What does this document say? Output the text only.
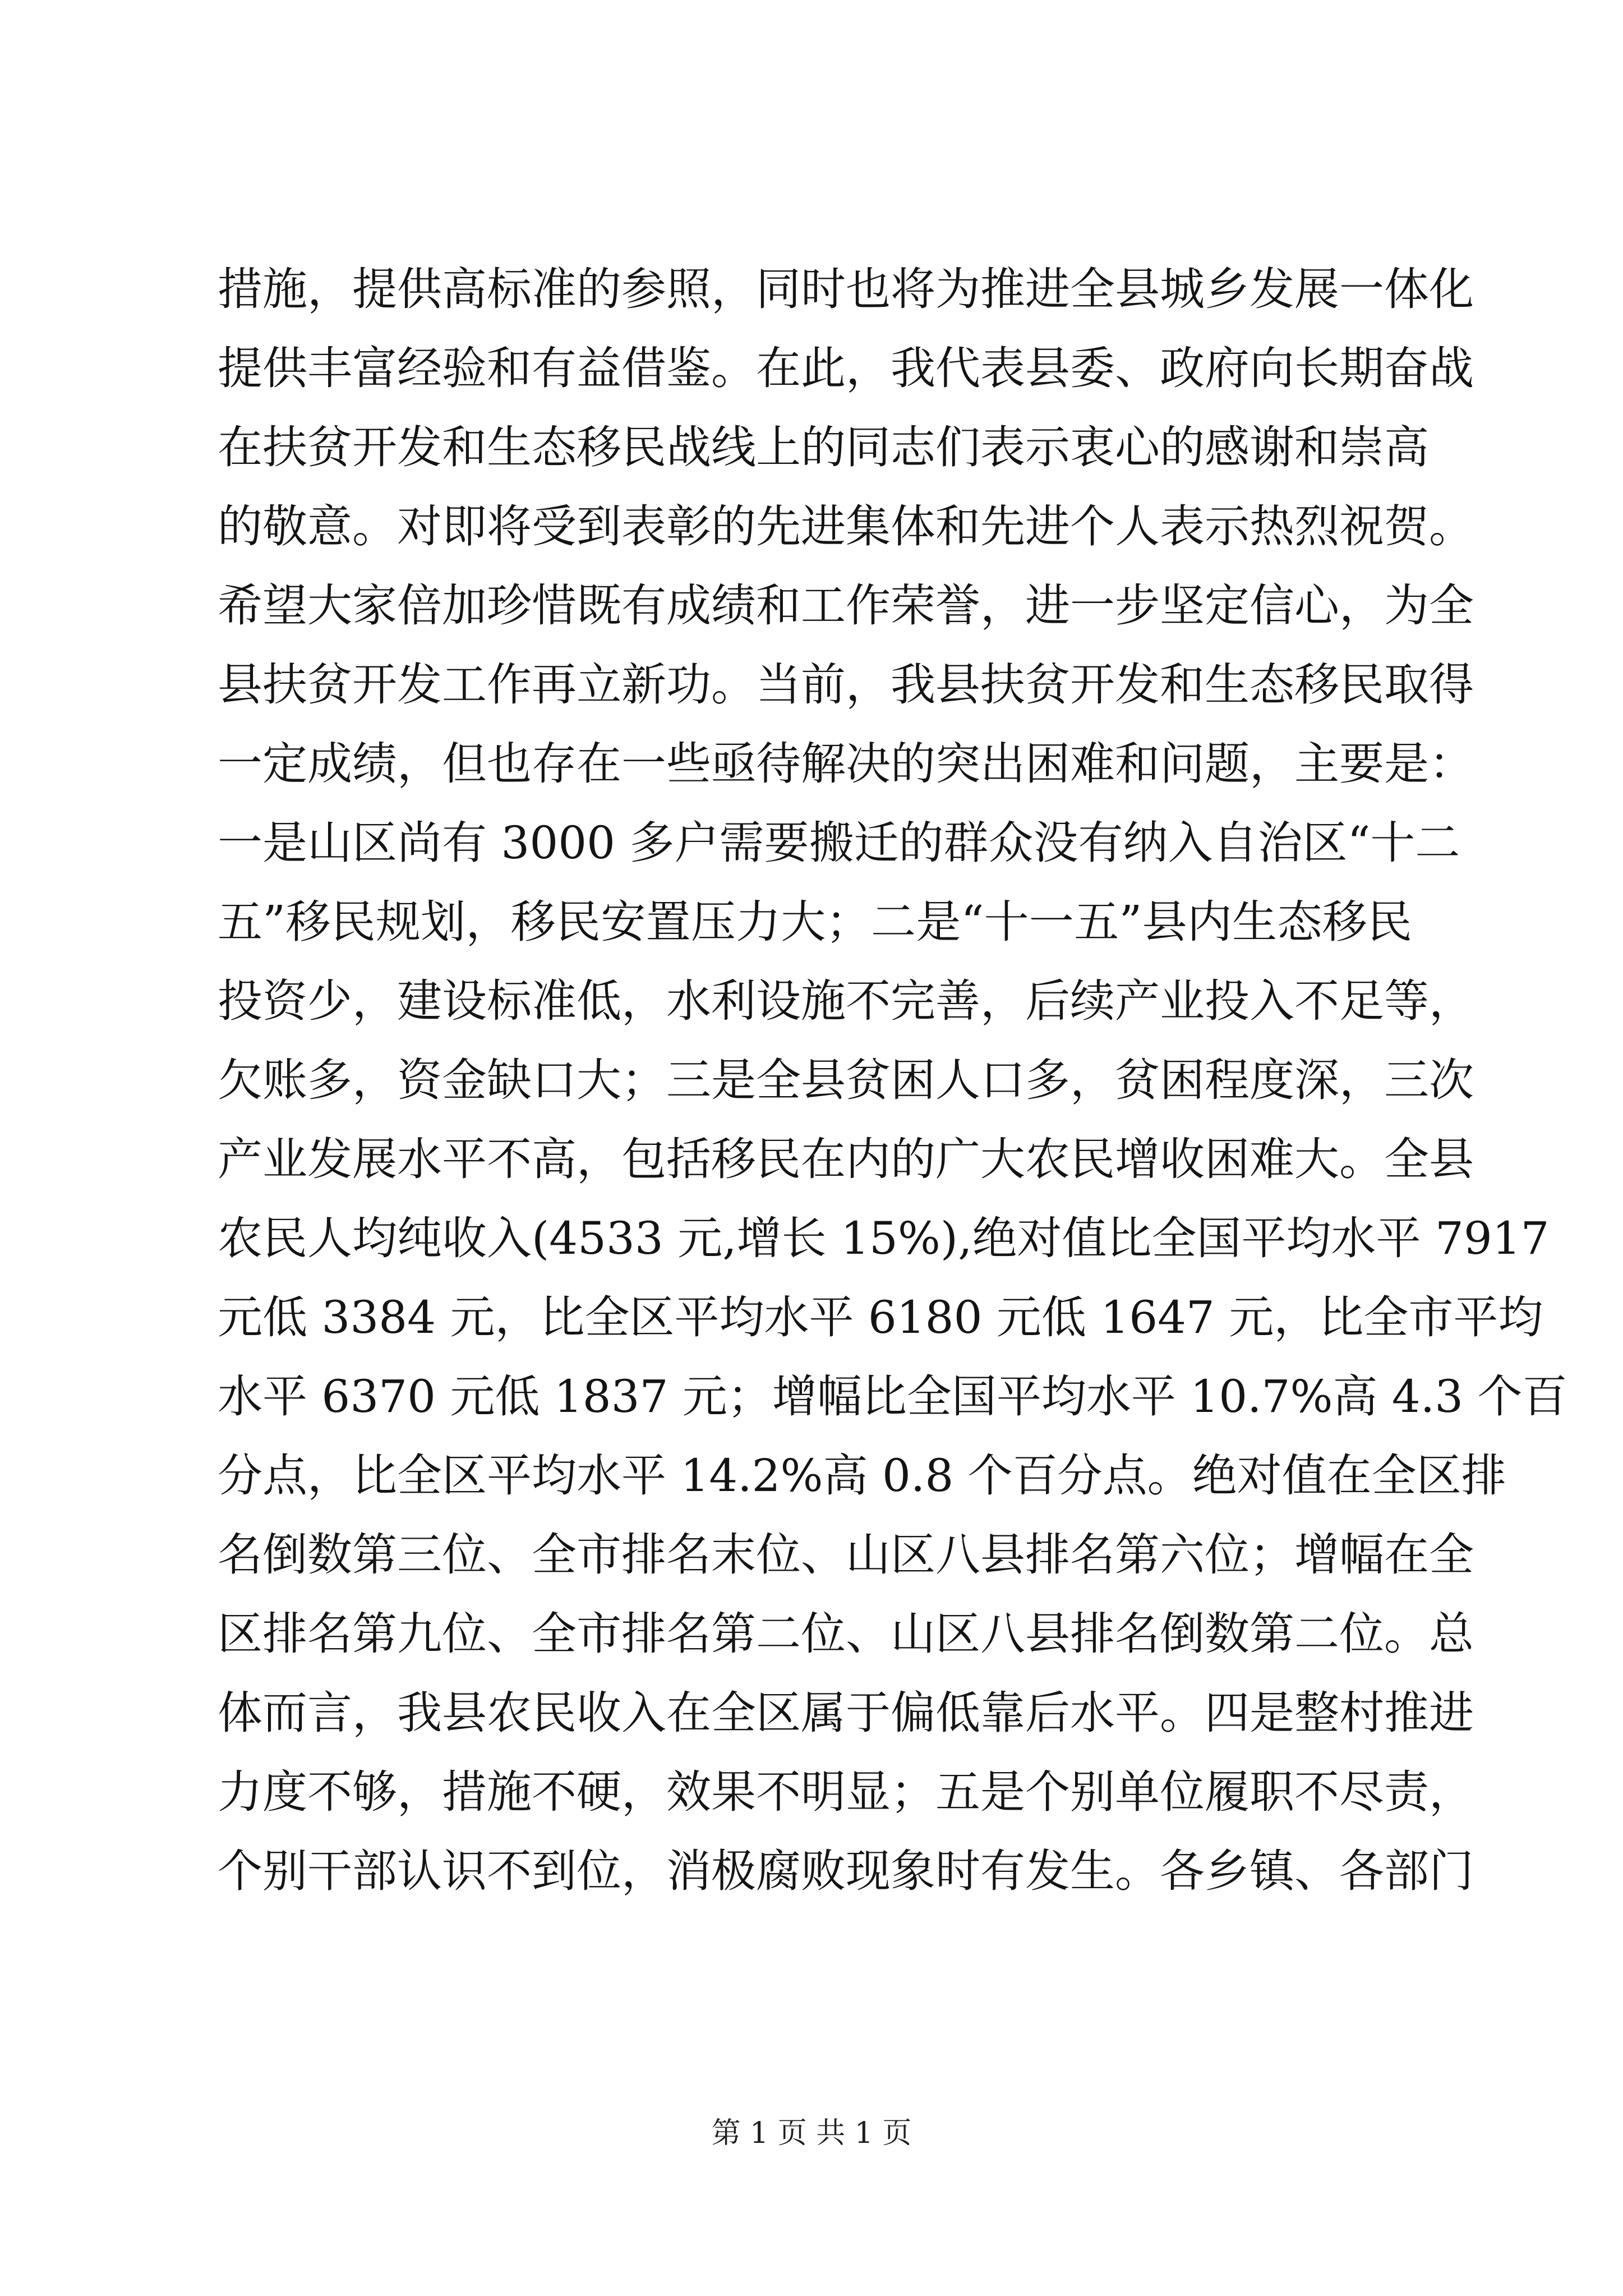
措施，提供高标准的参照，同时也将为推进全县城乡发展一体化
提供丰富经验和有益借鉴。在此，我代表县委、政府向长期奋战
在扶贫开发和生态移民战线上的同志们表示衷心的感谢和崇高
的敬意。对即将受到表彰的先进集体和先进个人表示热烈祝贺。
希望大家倍加珍惜既有成绩和工作荣誉，进一步坚定信心，为全
县扶贫开发工作再立新功。当前，我县扶贫开发和生态移民取得
一定成绩，但也存在一些亟待解决的突出困难和问题，主要是：
一是山区尚有 3000 多户需要搬迁的群众没有纳入自治区“十二
五”移民规划，移民安置压力大；二是“十一五”县内生态移民
投资少，建设标准低，水利设施不完善，后续产业投入不足等，
欠账多，资金缺口大；三是全县贫困人口多，贫困程度深，三次
产业发展水平不高，包括移民在内的广大农民增收困难大。全县
农民人均纯收入(4533 元,增长 15%),绝对值比全国平均水平 7917
元低 3384 元，比全区平均水平 6180 元低 1647 元，比全市平均
水平 6370 元低 1837 元；增幅比全国平均水平 10.7%高 4.3 个百
分点，比全区平均水平 14.2%高 0.8 个百分点。绝对值在全区排
名倒数第三位、全市排名末位、山区八县排名第六位；增幅在全
区排名第九位、全市排名第二位、山区八县排名倒数第二位。总
体而言，我县农民收入在全区属于偏低靠后水平。四是整村推进
力度不够，措施不硬，效果不明显；五是个别单位履职不尽责，
个别干部认识不到位，消极腐败现象时有发生。各乡镇、各部门
第 1 页 共 1 页
